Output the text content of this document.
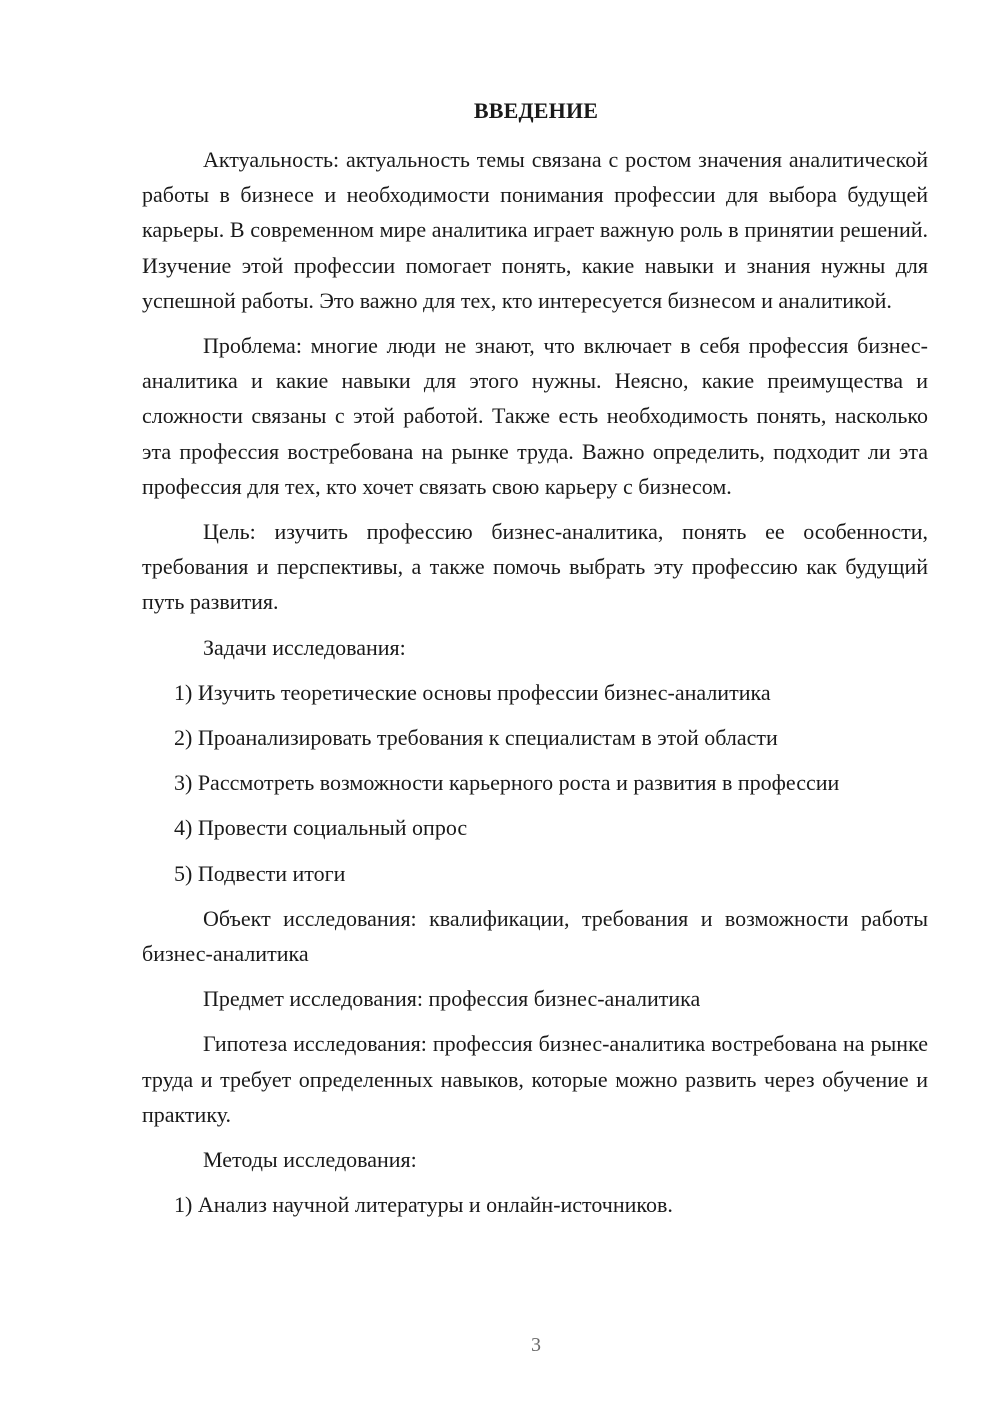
ВВЕДЕНИЕ

Актуальность: актуальность темы связана с ростом значения аналитической работы в бизнесе и необходимости понимания профессии для выбора будущей карьеры. В современном мире аналитика играет важную роль в принятии решений. Изучение этой профессии помогает понять, какие навыки и знания нужны для успешной работы. Это важно для тех, кто интересуется бизнесом и аналитикой.

Проблема: многие люди не знают, что включает в себя профессия бизнес-аналитика и какие навыки для этого нужны. Неясно, какие преимущества и сложности связаны с этой работой. Также есть необходимость понять, насколько эта профессия востребована на рынке труда. Важно определить, подходит ли эта профессия для тех, кто хочет связать свою карьеру с бизнесом.

Цель: изучить профессию бизнес-аналитика, понять ее особенности, требования и перспективы, а также помочь выбрать эту профессию как будущий путь развития.

Задачи исследования:

1) Изучить теоретические основы профессии бизнес-аналитика
2) Проанализировать требования к специалистам в этой области
3) Рассмотреть возможности карьерного роста и развития в профессии
4) Провести социальный опрос
5) Подвести итоги

Объект исследования: квалификации, требования и возможности работы бизнес-аналитика

Предмет исследования: профессия бизнес-аналитика

Гипотеза исследования: профессия бизнес-аналитика востребована на рынке труда и требует определенных навыков, которые можно развить через обучение и практику.

Методы исследования:

1) Анализ научной литературы и онлайн-источников.
3
